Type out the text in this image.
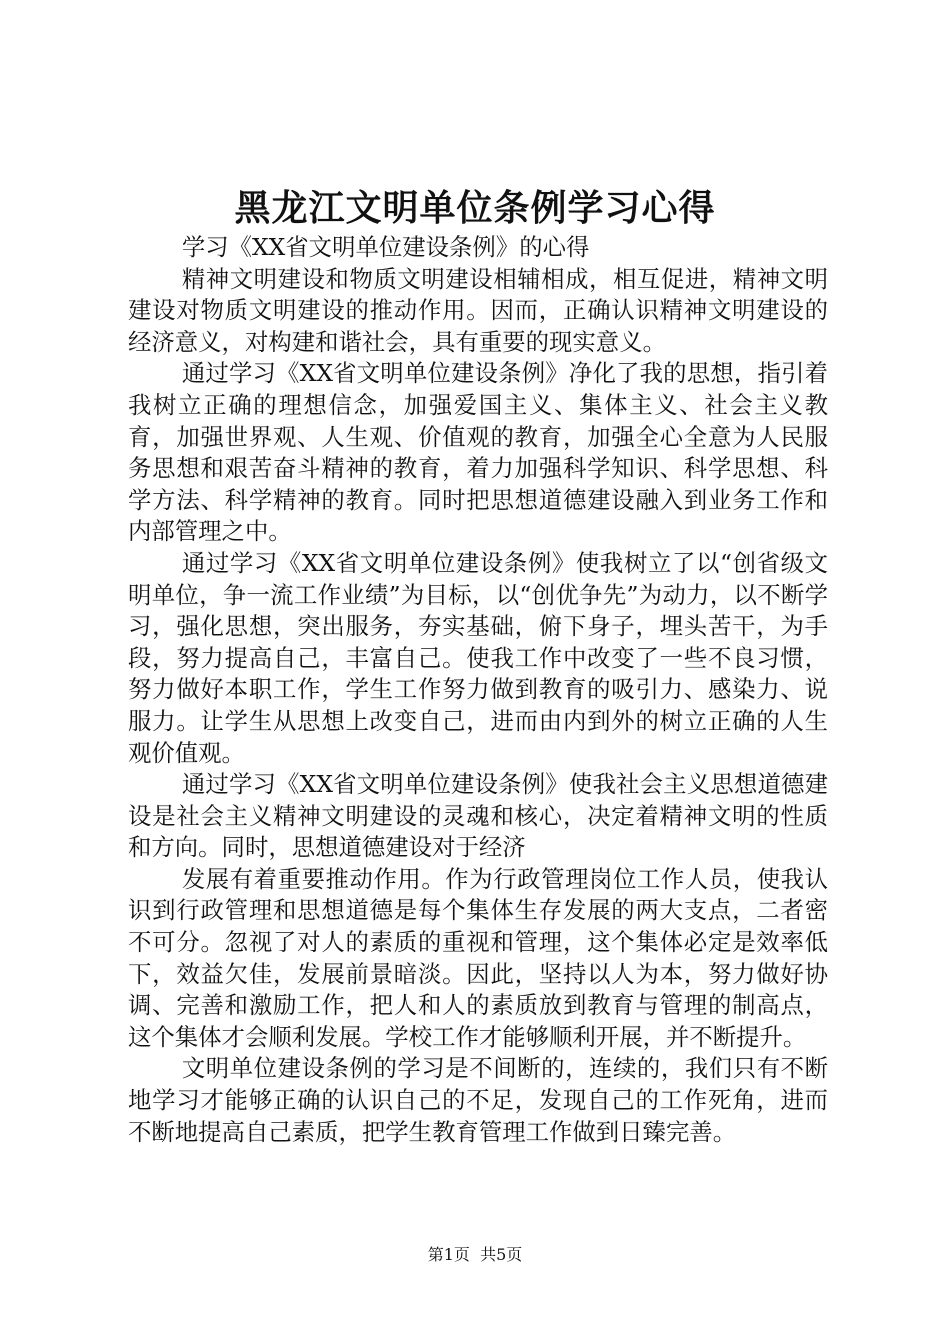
黑龙江文明单位条例学习心得

学习《XX省文明单位建设条例》的心得

精神文明建设和物质文明建设相辅相成，相互促进，精神文明建设对物质文明建设的推动作用。因而，正确认识精神文明建设的经济意义，对构建和谐社会，具有重要的现实意义。

通过学习《XX省文明单位建设条例》净化了我的思想，指引着我树立正确的理想信念，加强爱国主义、集体主义、社会主义教育，加强世界观、人生观、价值观的教育，加强全心全意为人民服务思想和艰苦奋斗精神的教育，着力加强科学知识、科学思想、科学方法、科学精神的教育。同时把思想道德建设融入到业务工作和内部管理之中。

通过学习《XX省文明单位建设条例》使我树立了以“创省级文明单位，争一流工作业绩”为目标，以“创优争先”为动力，以不断学习，强化思想，突出服务，夯实基础，俯下身子，埋头苦干，为手段，努力提高自己，丰富自己。使我工作中改变了一些不良习惯，努力做好本职工作，学生工作努力做到教育的吸引力、感染力、说服力。让学生从思想上改变自己，进而由内到外的树立正确的人生观价值观。

通过学习《XX省文明单位建设条例》使我社会主义思想道德建设是社会主义精神文明建设的灵魂和核心，决定着精神文明的性质和方向。同时，思想道德建设对于经济

发展有着重要推动作用。作为行政管理岗位工作人员，使我认识到行政管理和思想道德是每个集体生存发展的两大支点，二者密不可分。忽视了对人的素质的重视和管理，这个集体必定是效率低下，效益欠佳，发展前景暗淡。因此，坚持以人为本，努力做好协调、完善和激励工作，把人和人的素质放到教育与管理的制高点，这个集体才会顺利发展。学校工作才能够顺利开展，并不断提升。

文明单位建设条例的学习是不间断的，连续的，我们只有不断地学习才能够正确的认识自己的不足，发现自己的工作死角，进而不断地提高自己素质，把学生教育管理工作做到日臻完善。

第1页  共5页
